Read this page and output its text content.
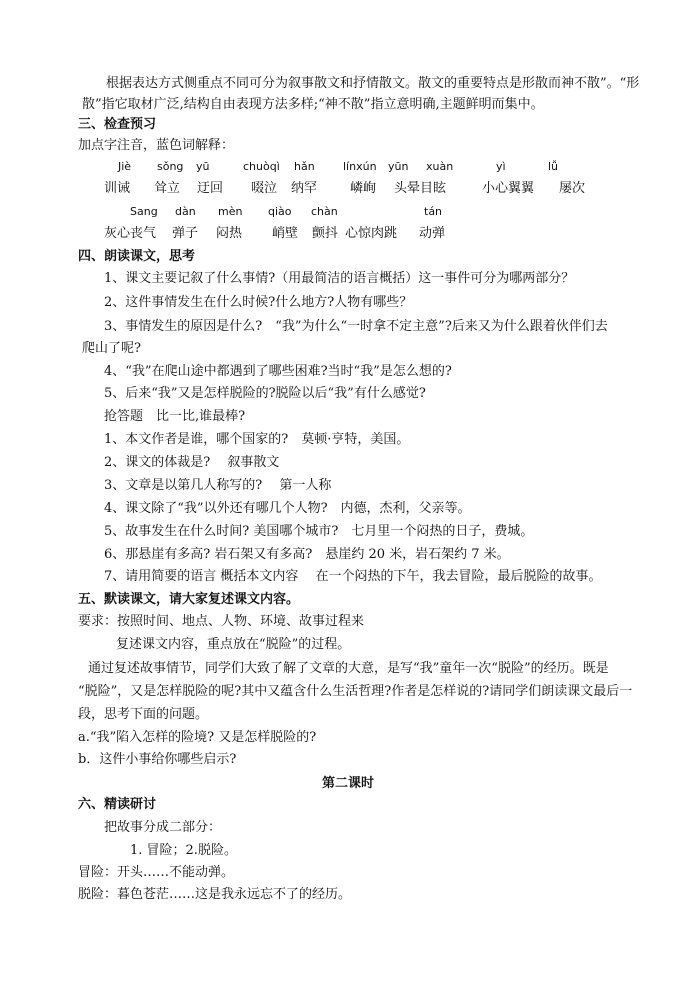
根据表达方式侧重点不同可分为叙事散文和抒情散文。散文的重要特点是形散而神不散”。“形
散”指它取材广泛,结构自由表现方法多样;“神不散”指立意明确,主题鲜明而集中。
三、检查预习
加点字注音，蓝色词解释：
Jiè sǒng yū	chuòqì hǎn	línxún yūn xuàn	yì	lǚ
训诫 耸立 迂回 啜泣 纳罕	嶙峋 头晕目眩	小心翼翼 屡次
Sang dàn mèn qiào chàn	tán
灰心丧气 弹子 闷热 峭壁 颤抖 心惊肉跳 动弹
四、朗读课文，思考
1、课文主要记叙了什么事情?（用最简洁的语言概括）这一事件可分为哪两部分？
2、这件事情发生在什么时候?什么地方?人物有哪些？
3、事情发生的原因是什么?　“我”为什么“一时拿不定主意”?后来又为什么跟着伙伴们去
爬山了呢?
4、“我”在爬山途中都遇到了哪些困难?当时“我”是怎么想的?
5、后来“我”又是怎样脱险的?脱险以后“我”有什么感觉?
抢答题　比一比,谁最棒?
1、本文作者是谁，哪个国家的?　莫顿·亨特，美国。
2、课文的体裁是?　 叙事散文
3、文章是以第几人称写的?　 第一人称
4、课文除了“我”以外还有哪几个人物?　内德，杰利，父亲等。
5、故事发生在什么时间? 美国哪个城市?　七月里一个闷热的日子，费城。
6、那悬崖有多高? 岩石架又有多高?　悬崖约 20 米，岩石架约 7 米。
7、请用简要的语言 概括本文内容　 在一个闷热的下午，我去冒险，最后脱险的故事。
五、默读课文，请大家复述课文内容。
要求：按照时间、地点、人物、环境、故事过程来
复述课文内容，重点放在“脱险”的过程。
通过复述故事情节，同学们大致了解了文章的大意，是写“我”童年一次“脱险”的经历。既是
“脱险”，又是怎样脱险的呢?其中又蕴含什么生活哲理?作者是怎样说的?请同学们朗读课文最后一
段，思考下面的问题。
a.“我”陷入怎样的险境? 又是怎样脱险的?
b．这件小事给你哪些启示?
第二课时
六、精读研讨
把故事分成二部分：
1. 冒险；2.脱险。
冒险：开头……不能动弹。
脱险：暮色苍茫……这是我永远忘不了的经历。
